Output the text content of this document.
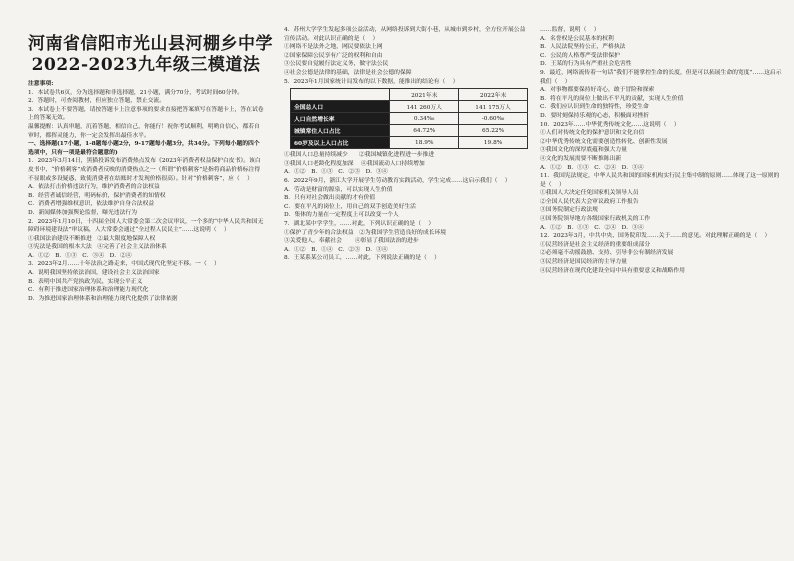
河南省信阳市光山县河棚乡中学
2022-2023九年级三模道法

注意事项:

1．本试卷共6页，分为选择题和非选择题，21小题，满分70分，考试时间60分钟。

2．答题时，可查阅教材，但应独立答题，禁止交流。

3．本试卷上不要答题，请按答题卡上注意事项的要求直接把答案填写在答题卡上，答在试卷上的答案无效。

温馨提醒：认真审题，沉着答题，相信自己，你能行！祝你考试顺利，明哟自信心，都若自审时，都挥灵能力，你一定会发挥出最佳水平。

一、选择题(17小题，1-8题每小题2分，9-17题每小题3分，共34分。下列每小题的四个选项中，只有一项是最符合题意的)

1．2023年3月14日，黑猫投诉发布消费热点发布《2023年消费者权益保护白皮书》。该白皮书中，“价格刺客”成消费者反映的消费热点之一（所谓“价格刺客”是指将商品价格标注得不显眼或多设疑惑，致使消费者在结账时才发现价格很高）。针对“价格刺客”，应（    ）

A．依法打击价格违法行为，维护消费者的合法权益

B．经营者诚信经营，明码标价，保护消费者的知情权

C．消费者增强维权意识，依法维护自身合法权益

D．新闻媒体加强舆论监督，曝光违法行为

2．2023年1月10日，十四届全国人大常委会第二次会议审议，一个多的“中华人民共和国无障碍环境建设法”审议稿，人大常委会通过“全过程人民民主”……这说明（    ）

①我国法治建设不断推进   ②最大限度地保障人权

③宪法是我国的根本大法   ④完善了社会主义法治体系

A．①②   B．①③   C．③④   D．②④

3．2023年2月……十年法治之路走来，中国式现代化坚定不移。一（    ）

A．说明我国坚持依法治国，建设社会主义法治国家

B．表明中国共产党执政为民，实现公平正义

C．有利于推进国家治理体系和治理能力现代化

D．为推进国家治理体系和治理能力现代化提供了法律依据

4．苏州大学学生发起多项公益活动，从网络投诉到大街小巷，从城市到乡村，全方位开展公益宣传活动。对此认识正确的是（    ）

①网络不是法外之地，网民要依法上网

②国家保障公民享有广泛的权利和自由

③公民要自觉履行法定义务，做守法公民

④社会公德是法律的基础，法律是社会公德的保障

5．2023年1月国家统计局发布的以下数据，能推出的结论有（    ）

	2021年末	2022年末
全国总人口	141 260万人	141 175万人
人口自然增长率	0.34‰	-0.60‰
城镇常住人口占比	64.72%	65.22%
60岁及以上人口占比	18.9%	19.8%

①我国人口总量持续减少      ②我国城镇化进程进一步推进

③我国人口老龄化程度加深    ④我国流动人口持续增加

A．①②   B．①③   C．②③   D．③④

6．2022年9月，浙江大学开展学生劳动教育实践活动，学生完成……这启示我们（    ）

A．劳动是财富的源泉，可以实现人生价值

B．只有对社会做出贡献的才有价值

C．要在平凡的岗位上，用自己的双手创造美好生活

D．集体的力量在一定程度上可以改变一个人

7．湖北某中学学生，……对此，下列认识正确的是（    ）

①保护了青少年的合法权益   ②为我国学生营造良好的成长环境

③关爱他人，奉献社会       ④彰显了我国法治的进步

A．①②   B．①④   C．②③   D．③④

8．王某系某公司员工，……对此，下列说法正确的是（    ）

……监督，说明（    ）

A．名誉权是公民基本的权利

B．人民法院坚持公正，严格执法

C．公民的人格尊严受法律保护

D．王某的行为具有严重社会危害性

9．最近，网络流传着一句话“我们不能掌控生命的长度，但是可以拓展生命的宽度”……这启示我们（    ）

A．对事物都要保持好奇心，敢于冒险和探索

B．将在平凡的岗位上做出不平凡的贡献，实现人生价值

C．我们应认识到生命的独特性，珍爱生命

D．要时刻保持乐观的心态，积极面对挫折

10．2023年……中华优秀传统文化……这说明（    ）

①人们对传统文化的保护意识和文化自信

②中华优秀传统文化需要创造性转化、创新性发展

③我国文化的深厚底蕴和强大力量

④文化的发展需要不断推陈出新

A．①②   B．①③   C．②④   D．③④

11．我国宪法规定，中华人民共和国的国家机构实行民主集中制的原则……体现了这一原则的是（    ）

①我国人大决定任免国家机关领导人员

②全国人民代表大会审议政府工作报告

③国务院制定行政法规

④国务院领导地方各级国家行政机关的工作

A．①②   B．①③   C．②④   D．③④

12．2023年3月，中共中央、国务院印发……关于……的意见。对此理解正确的是（    ）

①民营经济是社会主义经济的重要组成部分

②必须毫不动摇鼓励、支持、引导非公有制经济发展

③民营经济是国民经济的主导力量

④民营经济在现代化建设全局中具有重要意义和战略作用
